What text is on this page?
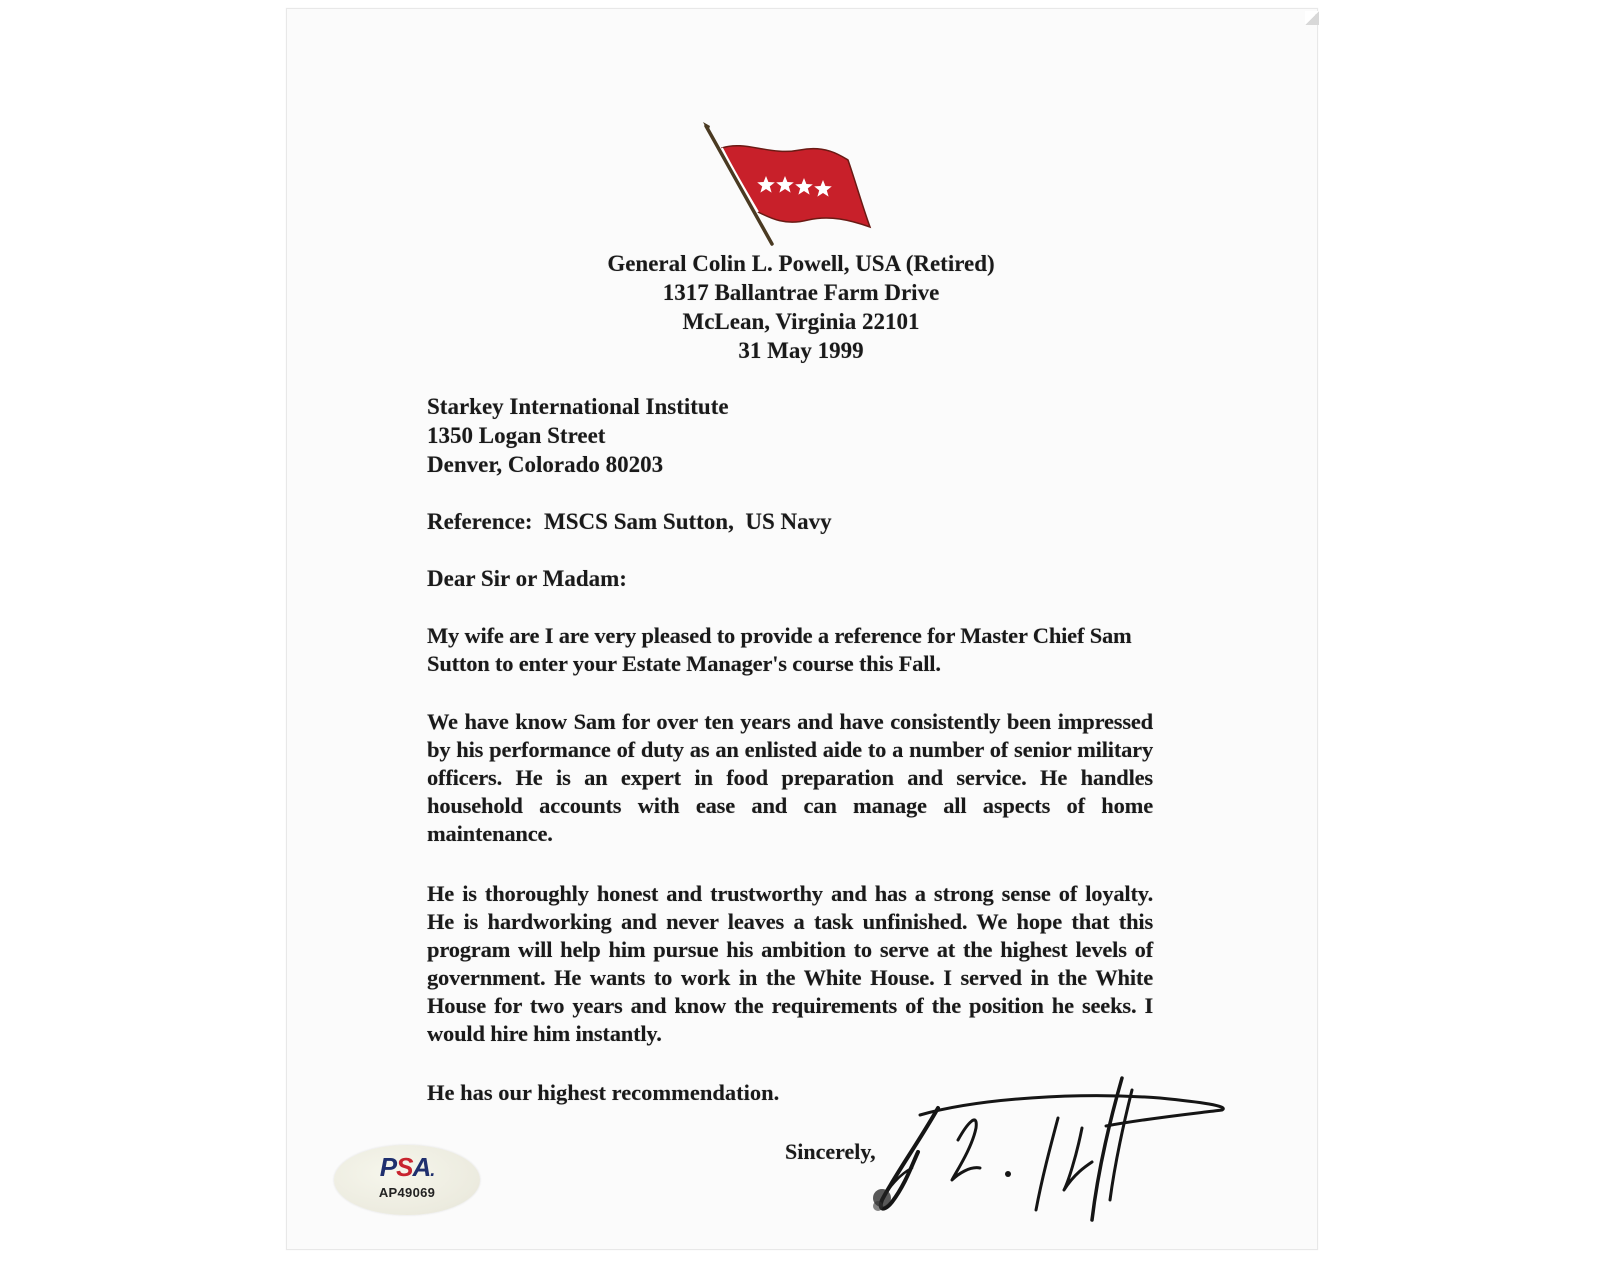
General Colin L. Powell, USA (Retired)
1317 Ballantrae Farm Drive
McLean, Virginia 22101
31 May 1999
Starkey International Institute
1350 Logan Street
Denver, Colorado 80203
Reference:  MSCS Sam Sutton,  US Navy
Dear Sir or Madam:
My wife are I are very pleased to provide a reference for Master Chief Sam Sutton to enter your Estate Manager's course this Fall.
We have know Sam for over ten years and have consistently been impressed by his performance of duty as an enlisted aide to a number of senior military officers. He is an expert in food preparation and service. He handles household accounts with ease and can manage all aspects of home maintenance.
He is thoroughly honest and trustworthy and has a strong sense of loyalty. He is hardworking and never leaves a task unfinished. We hope that this program will help him pursue his ambition to serve at the highest levels of government. He wants to work in the White House. I served in the White House for two years and know the requirements of the position he seeks. I would hire him instantly.
He has our highest recommendation.
Sincerely,
PSA.
AP49069
